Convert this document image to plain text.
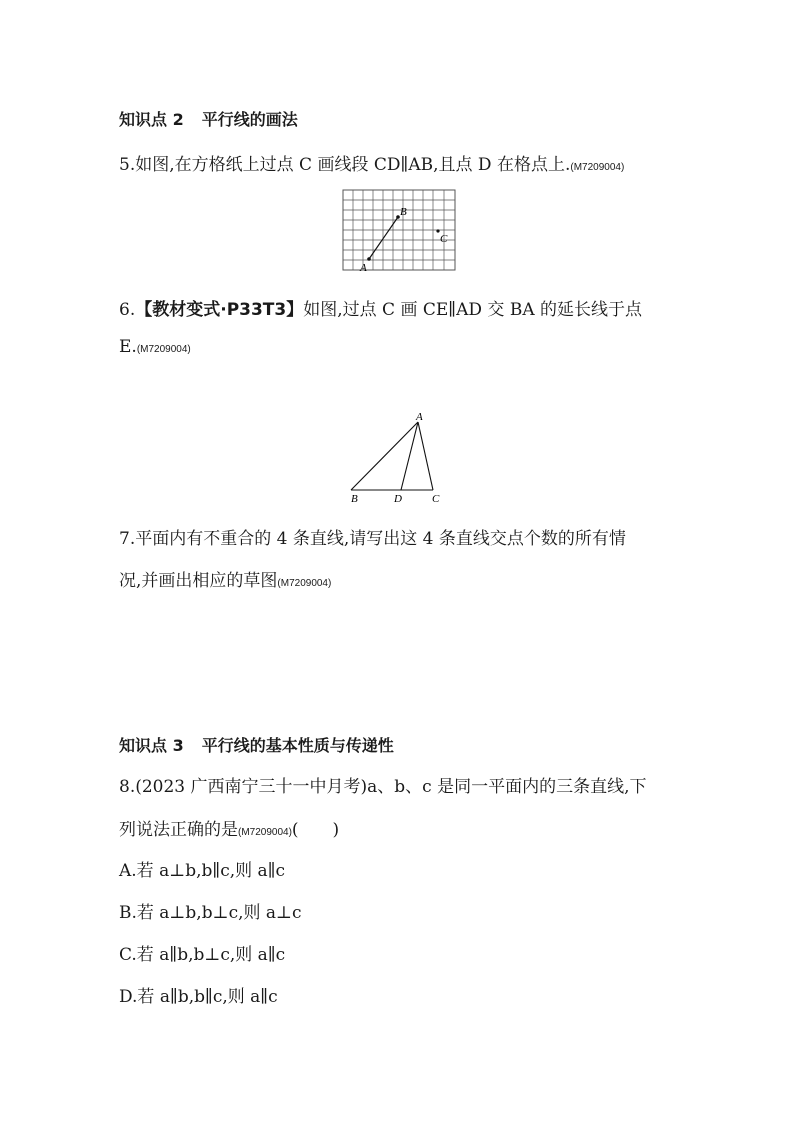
知识点 2 平行线的画法
5.如图,在方格纸上过点 C 画线段 CD∥AB,且点 D 在格点上.(M7209004)
A
B
C
6.【教材变式·P33T3】如图,过点 C 画 CE∥AD 交 BA 的延长线于点
E.(M7209004)
A
B	D	C
7.平面内有不重合的 4 条直线,请写出这 4 条直线交点个数的所有情
况,并画出相应的草图(M7209004)
知识点 3 平行线的基本性质与传递性
8.(2023 广西南宁三十一中月考)a、b、c 是同一平面内的三条直线,下
列说法正确的是(M7209004)(　　)
A.若 a⊥b,b∥c,则 a∥c
B.若 a⊥b,b⊥c,则 a⊥c
C.若 a∥b,b⊥c,则 a∥c
D.若 a∥b,b∥c,则 a∥c
